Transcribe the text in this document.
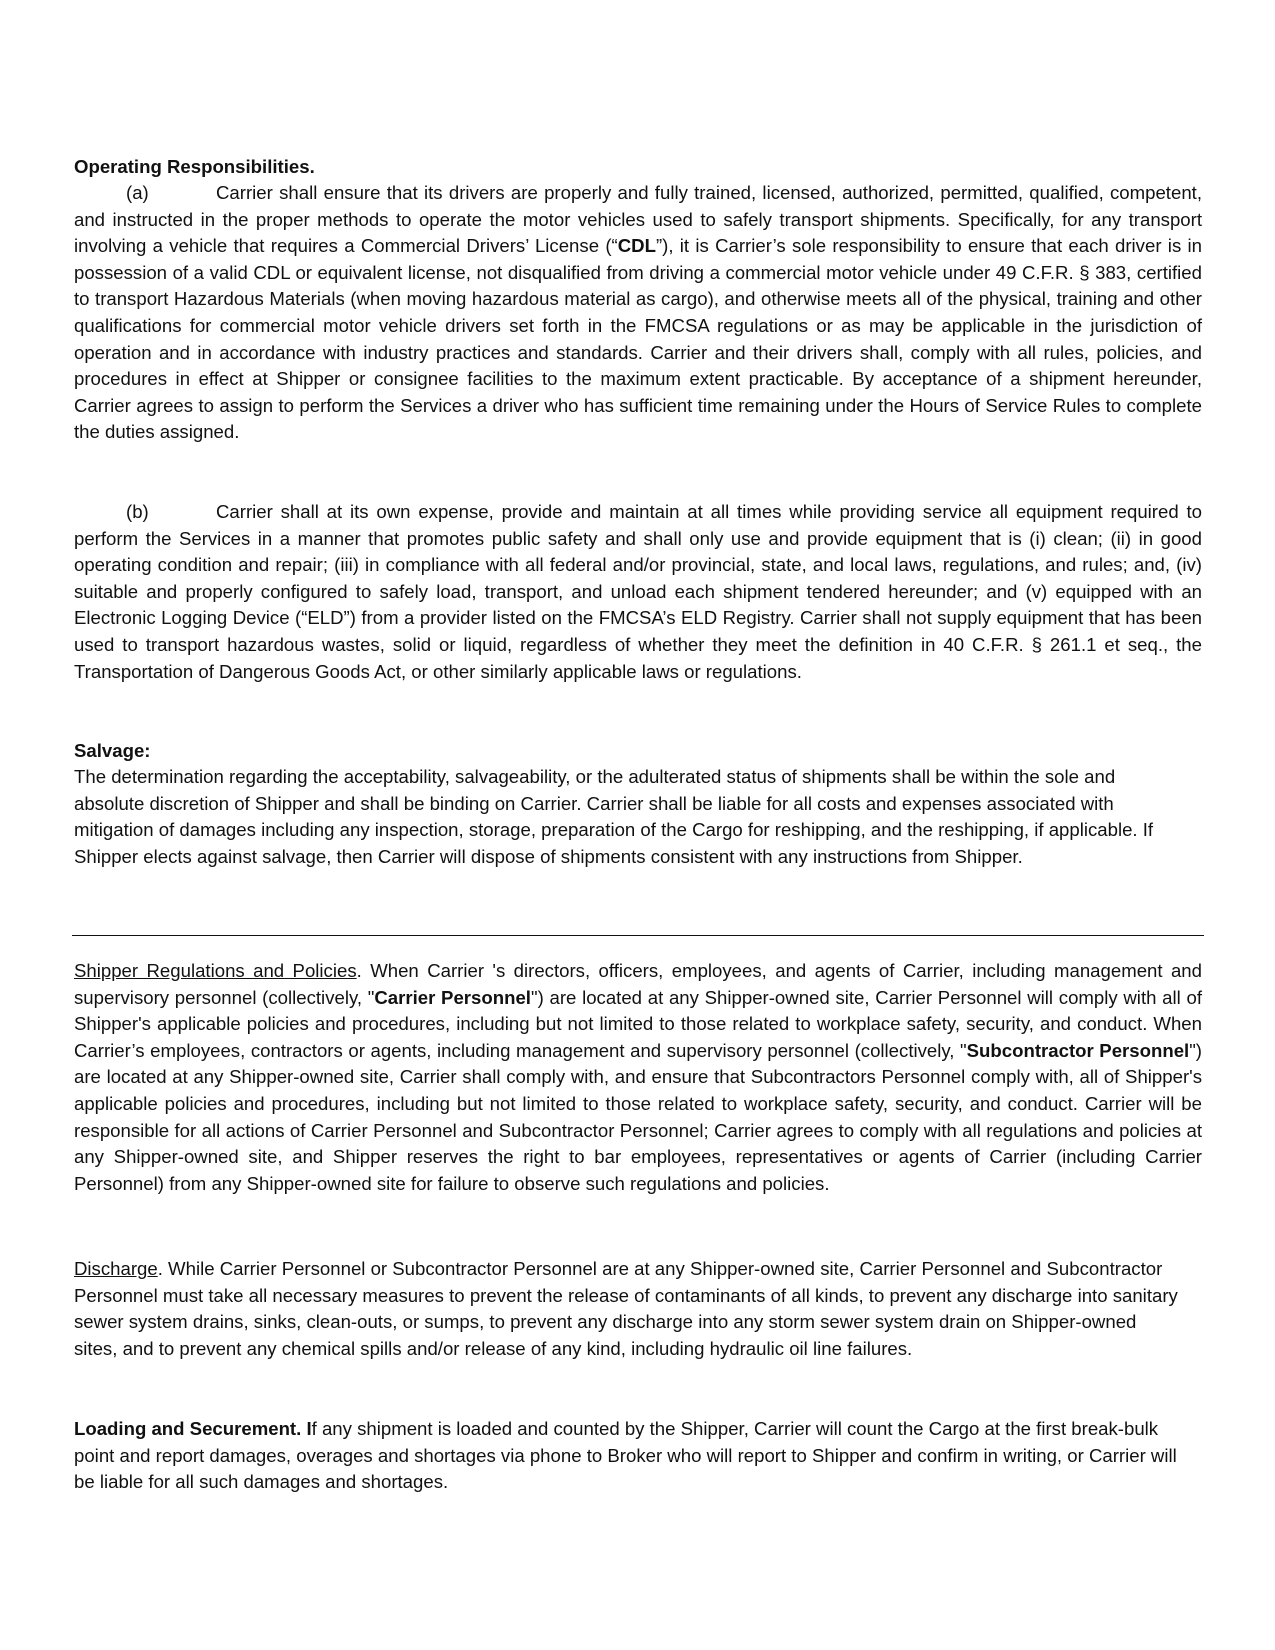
Operating Responsibilities.

(a)	Carrier shall ensure that its drivers are properly and fully trained, licensed, authorized, permitted, qualified, competent, and instructed in the proper methods to operate the motor vehicles used to safely transport shipments. Specifically, for any transport involving a vehicle that requires a Commercial Drivers’ License (“CDL”), it is Carrier’s sole responsibility to ensure that each driver is in possession of a valid CDL or equivalent license, not disqualified from driving a commercial motor vehicle under 49 C.F.R. § 383, certified to transport Hazardous Materials (when moving hazardous material as cargo), and otherwise meets all of the physical, training and other qualifications for commercial motor vehicle drivers set forth in the FMCSA regulations or as may be applicable in the jurisdiction of operation and in accordance with industry practices and standards. Carrier and their drivers shall, comply with all rules, policies, and procedures in effect at Shipper or consignee facilities to the maximum extent practicable. By acceptance of a shipment hereunder, Carrier agrees to assign to perform the Services a driver who has sufficient time remaining under the Hours of Service Rules to complete the duties assigned.

(b)	Carrier shall at its own expense, provide and maintain at all times while providing service all equipment required to perform the Services in a manner that promotes public safety and shall only use and provide equipment that is (i) clean; (ii) in good operating condition and repair; (iii) in compliance with all federal and/or provincial, state, and local laws, regulations, and rules; and, (iv) suitable and properly configured to safely load, transport, and unload each shipment tendered hereunder; and (v) equipped with an Electronic Logging Device (“ELD”) from a provider listed on the FMCSA’s ELD Registry. Carrier shall not supply equipment that has been used to transport hazardous wastes, solid or liquid, regardless of whether they meet the definition in 40 C.F.R. § 261.1 et seq., the Transportation of Dangerous Goods Act, or other similarly applicable laws or regulations.

Salvage:

The determination regarding the acceptability, salvageability, or the adulterated status of shipments shall be within the sole and absolute discretion of Shipper and shall be binding on Carrier. Carrier shall be liable for all costs and expenses associated with mitigation of damages including any inspection, storage, preparation of the Cargo for reshipping, and the reshipping, if applicable. If Shipper elects against salvage, then Carrier will dispose of shipments consistent with any instructions from Shipper.

Shipper Regulations and Policies. When Carrier 's directors, officers, employees, and agents of Carrier, including management and supervisory personnel (collectively, "Carrier Personnel") are located at any Shipper-owned site, Carrier Personnel will comply with all of Shipper's applicable policies and procedures, including but not limited to those related to workplace safety, security, and conduct. When Carrier’s employees, contractors or agents, including management and supervisory personnel (collectively, "Subcontractor Personnel") are located at any Shipper-owned site, Carrier shall comply with, and ensure that Subcontractors Personnel comply with, all of Shipper's applicable policies and procedures, including but not limited to those related to workplace safety, security, and conduct. Carrier will be responsible for all actions of Carrier Personnel and Subcontractor Personnel; Carrier agrees to comply with all regulations and policies at any Shipper-owned site, and Shipper reserves the right to bar employees, representatives or agents of Carrier (including Carrier Personnel) from any Shipper-owned site for failure to observe such regulations and policies.

Discharge. While Carrier Personnel or Subcontractor Personnel are at any Shipper-owned site, Carrier Personnel and Subcontractor Personnel must take all necessary measures to prevent the release of contaminants of all kinds, to prevent any discharge into sanitary sewer system drains, sinks, clean-outs, or sumps, to prevent any discharge into any storm sewer system drain on Shipper-owned sites, and to prevent any chemical spills and/or release of any kind, including hydraulic oil line failures.

Loading and Securement. If any shipment is loaded and counted by the Shipper, Carrier will count the Cargo at the first break-bulk point and report damages, overages and shortages via phone to Broker who will report to Shipper and confirm in writing, or Carrier will be liable for all such damages and shortages.
